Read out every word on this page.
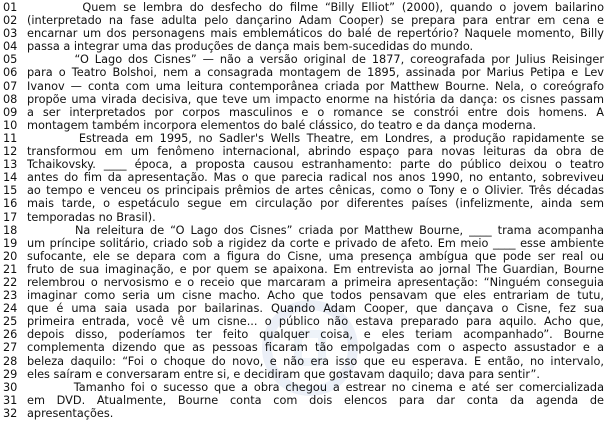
01 Quem se lembra do desfecho do filme “Billy Elliot” (2000), quando o jovem bailarino
02 (interpretado na fase adulta pelo dançarino Adam Cooper) se prepara para entrar em cena e
03 encarnar um dos personagens mais emblemáticos do balé de repertório? Naquele momento, Billy
04 passa a integrar uma das produções de dança mais bem-sucedidas do mundo.
05 “O Lago dos Cisnes” — não a versão original de 1877, coreografada por Julius Reisinger
06 para o Teatro Bolshoi, nem a consagrada montagem de 1895, assinada por Marius Petipa e Lev
07 Ivanov — conta com uma leitura contemporânea criada por Matthew Bourne. Nela, o coreógrafo
08 propõe uma virada decisiva, que teve um impacto enorme na história da dança: os cisnes passam
09 a ser interpretados por corpos masculinos e o romance se constrói entre dois homens. A
10 montagem também incorpora elementos do balé clássico, do teatro e da dança moderna.
11 Estreada em 1995, no Sadler's Wells Theatre, em Londres, a produção rapidamente se
12 transformou em um fenômeno internacional, abrindo espaço para novas leituras da obra de
13 Tchaikovsky. ____ época, a proposta causou estranhamento: parte do público deixou o teatro
14 antes do fim da apresentação. Mas o que parecia radical nos anos 1990, no entanto, sobreviveu
15 ao tempo e venceu os principais prêmios de artes cênicas, como o Tony e o Olivier. Três décadas
16 mais tarde, o espetáculo segue em circulação por diferentes países (infelizmente, ainda sem
17 temporadas no Brasil).
18 Na releitura de “O Lago dos Cisnes” criada por Matthew Bourne, ____ trama acompanha
19 um príncipe solitário, criado sob a rigidez da corte e privado de afeto. Em meio ____ esse ambiente
20 sufocante, ele se depara com a figura do Cisne, uma presença ambígua que pode ser real ou
21 fruto de sua imaginação, e por quem se apaixona. Em entrevista ao jornal The Guardian, Bourne
22 relembrou o nervosismo e o receio que marcaram a primeira apresentação: “Ninguém conseguia
23 imaginar como seria um cisne macho. Acho que todos pensavam que eles entrariam de tutu,
24 que é uma saia usada por bailarinas. Quando Adam Cooper, que dançava o Cisne, fez sua
25 primeira entrada, você vê um cisne... o público não estava preparado para aquilo. Acho que,
26 depois disso, poderíamos ter feito qualquer coisa, e eles teriam acompanhado”. Bourne
27 complementa dizendo que as pessoas ficaram tão empolgadas com o aspecto assustador e a
28 beleza daquilo: “Foi o choque do novo, e não era isso que eu esperava. E então, no intervalo,
29 eles saíram e conversaram entre si, e decidiram que gostavam daquilo; dava para sentir”.
30 Tamanho foi o sucesso que a obra chegou a estrear no cinema e até ser comercializada
31 em DVD. Atualmente, Bourne conta com dois elencos para dar conta da agenda de
32 apresentações.
